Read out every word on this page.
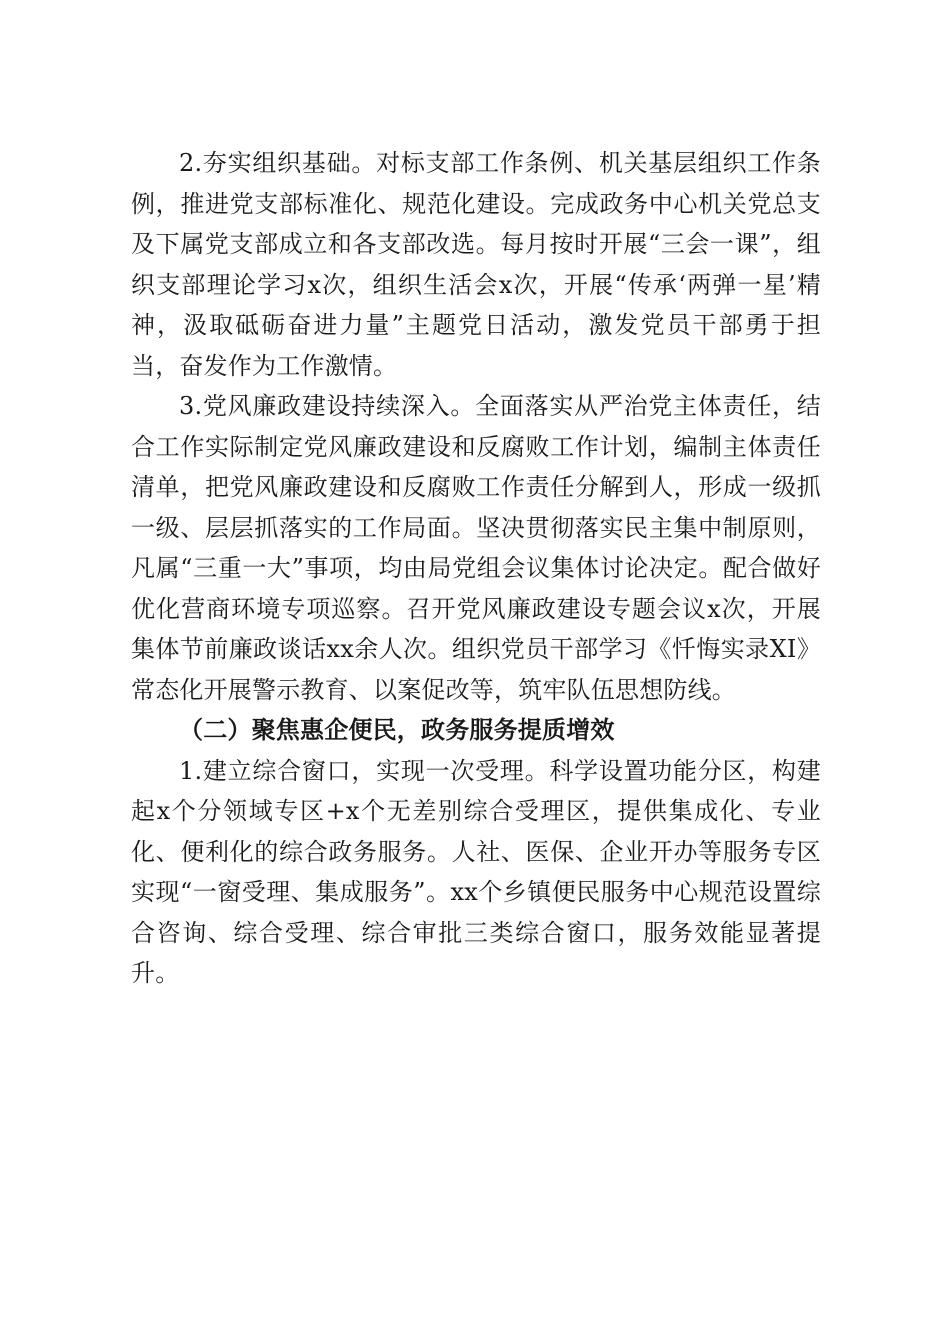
2.夯实组织基础。对标支部工作条例、机关基层组织工作条例，推进党支部标准化、规范化建设。完成政务中心机关党总支及下属党支部成立和各支部改选。每月按时开展“三会一课”，组织支部理论学习x次，组织生活会x次，开展“传承‘两弹一星’精神，汲取砥砺奋进力量”主题党日活动，激发党员干部勇于担当，奋发作为工作激情。

3.党风廉政建设持续深入。全面落实从严治党主体责任，结合工作实际制定党风廉政建设和反腐败工作计划，编制主体责任清单，把党风廉政建设和反腐败工作责任分解到人，形成一级抓一级、层层抓落实的工作局面。坚决贯彻落实民主集中制原则，凡属“三重一大”事项，均由局党组会议集体讨论决定。配合做好优化营商环境专项巡察。召开党风廉政建设专题会议x次，开展集体节前廉政谈话xx余人次。组织党员干部学习《忏悔实录XI》常态化开展警示教育、以案促改等，筑牢队伍思想防线。

（二）聚焦惠企便民，政务服务提质增效

1.建立综合窗口，实现一次受理。科学设置功能分区，构建起x个分领域专区+x个无差别综合受理区，提供集成化、专业化、便利化的综合政务服务。人社、医保、企业开办等服务专区实现“一窗受理、集成服务”。xx个乡镇便民服务中心规范设置综合咨询、综合受理、综合审批三类综合窗口，服务效能显著提升。
